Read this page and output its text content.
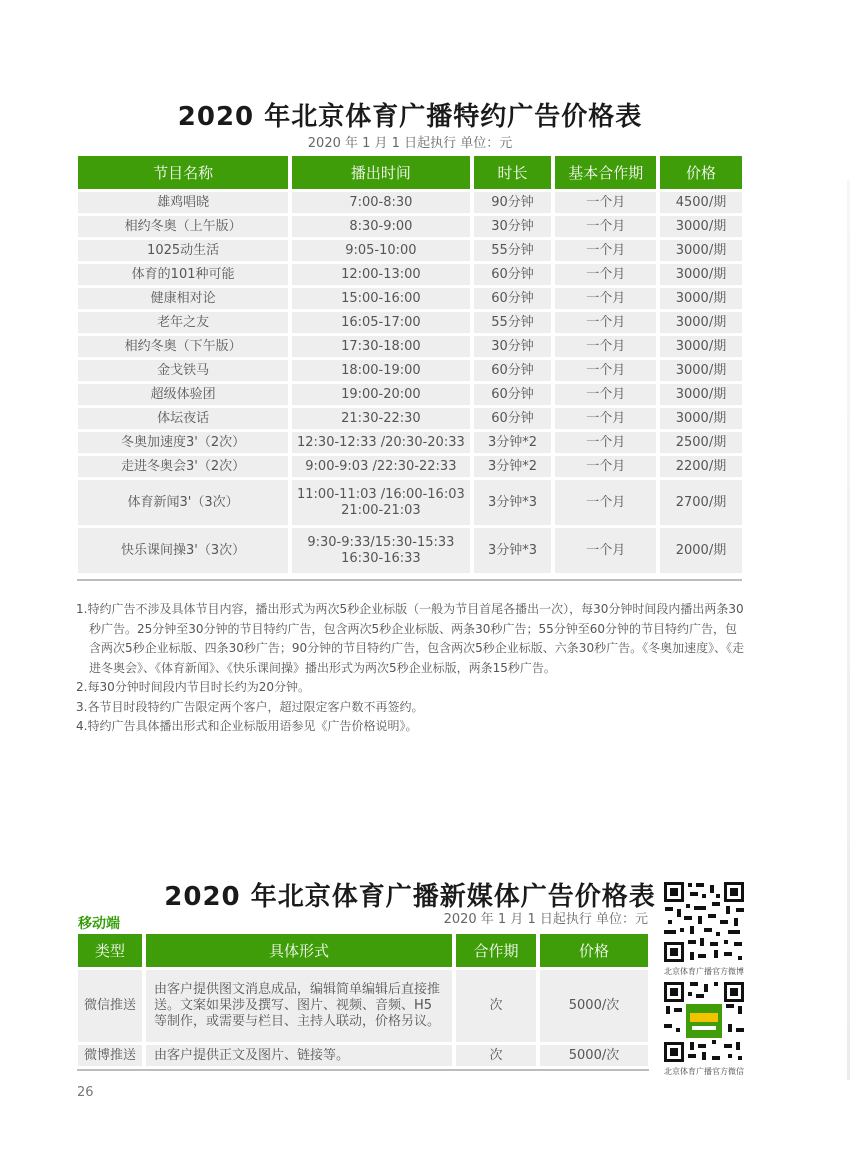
2020 年北京体育广播特约广告价格表
2020 年 1 月 1 日起执行 单位：元
节目名称	播出时间	时长	基本合作期	价格
雄鸡唱晓	7:00-8:30	90分钟	一个月	4500/期
相约冬奥（上午版）	8:30-9:00	30分钟	一个月	3000/期
1025动生活	9:05-10:00	55分钟	一个月	3000/期
体育的101种可能	12:00-13:00	60分钟	一个月	3000/期
健康相对论	15:00-16:00	60分钟	一个月	3000/期
老年之友	16:05-17:00	55分钟	一个月	3000/期
相约冬奥（下午版）	17:30-18:00	30分钟	一个月	3000/期
金戈铁马	18:00-19:00	60分钟	一个月	3000/期
超级体验团	19:00-20:00	60分钟	一个月	3000/期
体坛夜话	21:30-22:30	60分钟	一个月	3000/期
冬奥加速度3'（2次）	12:30-12:33 /20:30-20:33	3分钟*2	一个月	2500/期
走进冬奥会3'（2次）	9:00-9:03 /22:30-22:33	3分钟*2	一个月	2200/期
体育新闻3'（3次）	11:00-11:03 /16:00-16:03 21:00-21:03	3分钟*3	一个月	2700/期
快乐课间操3'（3次）	9:30-9:33/15:30-15:33 16:30-16:33	3分钟*3	一个月	2000/期
1.特约广告不涉及具体节目内容，播出形式为两次5秒企业标版（一般为节目首尾各播出一次），每30分钟时间段内播出两条30秒广告。25分钟至30分钟的节目特约广告，包含两次5秒企业标版、两条30秒广告；55分钟至60分钟的节目特约广告，包含两次5秒企业标版、四条30秒广告；90分钟的节目特约广告，包含两次5秒企业标版、六条30秒广告。《冬奥加速度》、《走进冬奥会》、《体育新闻》、《快乐课间操》播出形式为两次5秒企业标版，两条15秒广告。
2.每30分钟时间段内节目时长约为20分钟。
3.各节目时段特约广告限定两个客户，超过限定客户数不再签约。
4.特约广告具体播出形式和企业标版用语参见《广告价格说明》。
2020 年北京体育广播新媒体广告价格表
2020 年 1 月 1 日起执行 单位：元
移动端
类型	具体形式	合作期	价格
微信推送	由客户提供图文消息成品，编辑简单编辑后直接推送。文案如果涉及撰写、图片、视频、音频、H5等制作，或需要与栏目、主持人联动，价格另议。	次	5000/次
微博推送	由客户提供正文及图片、链接等。	次	5000/次
北京体育广播官方微博
北京体育广播官方微信
26
